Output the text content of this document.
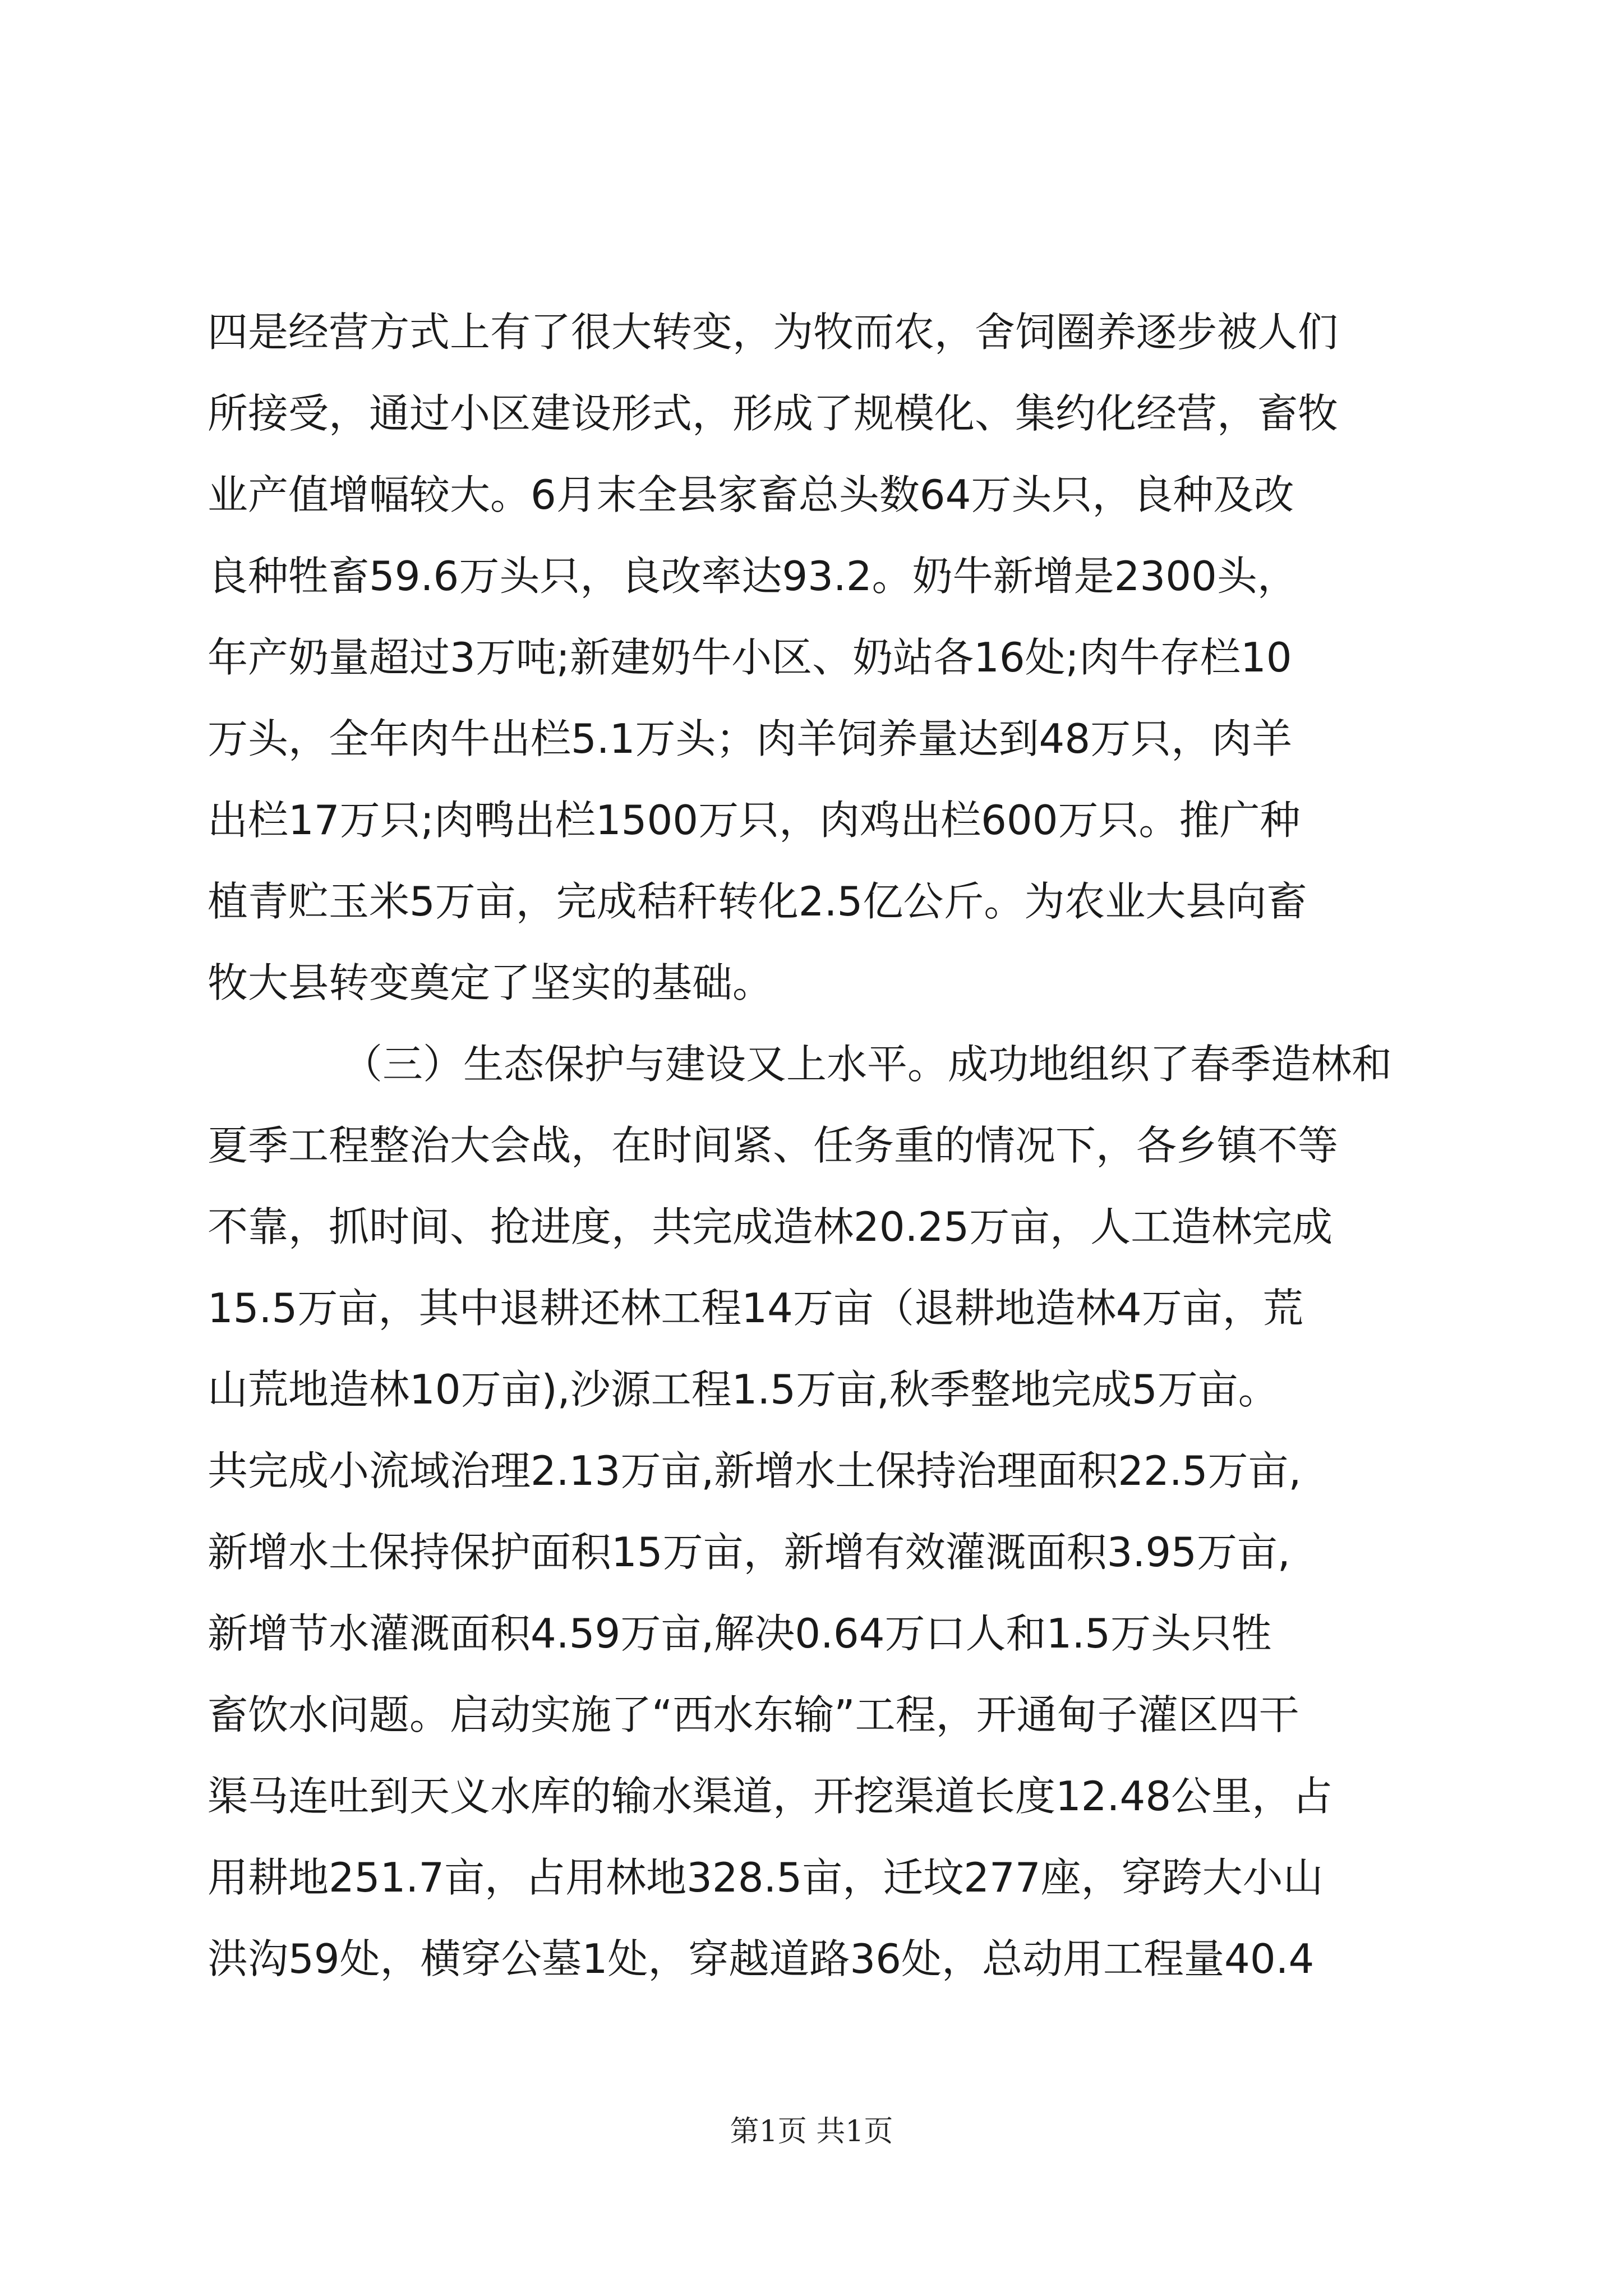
四是经营方式上有了很大转变，为牧而农，舍饲圈养逐步被人们
所接受，通过小区建设形式，形成了规模化、集约化经营，畜牧
业产值增幅较大。6月末全县家畜总头数64万头只，良种及改
良种牲畜59.6万头只，良改率达93.2。奶牛新增是2300头，
年产奶量超过3万吨;新建奶牛小区、奶站各16处;肉牛存栏10
万头，全年肉牛出栏5.1万头；肉羊饲养量达到48万只，肉羊
出栏17万只;肉鸭出栏1500万只，肉鸡出栏600万只。推广种
植青贮玉米5万亩，完成秸秆转化2.5亿公斤。为农业大县向畜
牧大县转变奠定了坚实的基础。
（三）生态保护与建设又上水平。成功地组织了春季造林和
夏季工程整治大会战，在时间紧、任务重的情况下，各乡镇不等
不靠，抓时间、抢进度，共完成造林20.25万亩，人工造林完成
15.5万亩，其中退耕还林工程14万亩（退耕地造林4万亩，荒
山荒地造林10万亩),沙源工程1.5万亩,秋季整地完成5万亩。
共完成小流域治理2.13万亩,新增水土保持治理面积22.5万亩,
新增水土保持保护面积15万亩，新增有效灌溉面积3.95万亩,
新增节水灌溉面积4.59万亩,解决0.64万口人和1.5万头只牲
畜饮水问题。启动实施了“西水东输”工程，开通甸子灌区四干
渠马连吐到天义水库的输水渠道，开挖渠道长度12.48公里，占
用耕地251.7亩，占用林地328.5亩，迁坟277座，穿跨大小山
洪沟59处，横穿公墓1处，穿越道路36处，总动用工程量40.4
第1页 共1页
